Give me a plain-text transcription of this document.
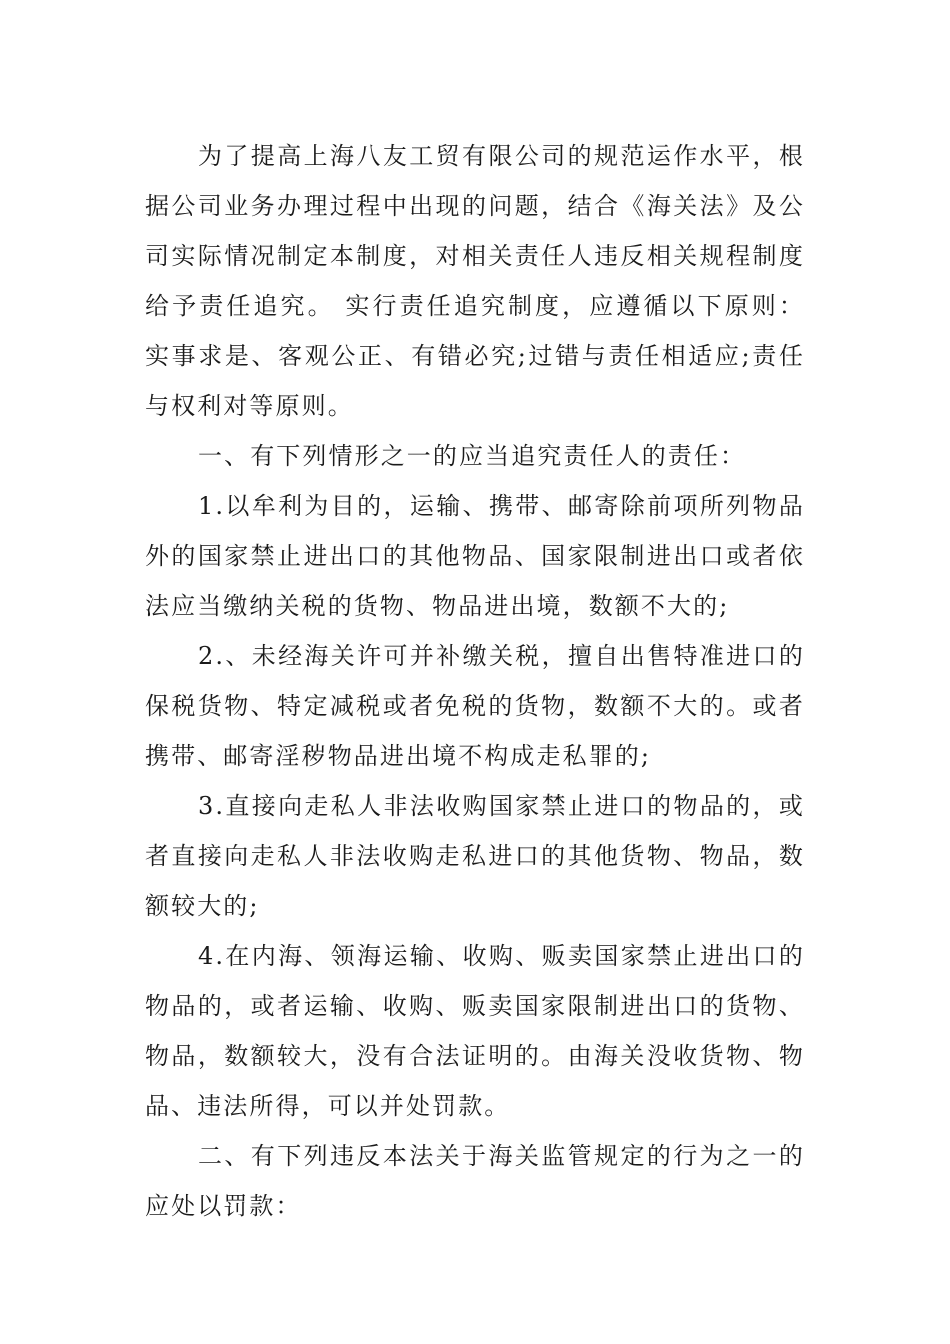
为了提高上海八友工贸有限公司的规范运作水平，根据公司业务办理过程中出现的问题，结合《海关法》及公司实际情况制定本制度，对相关责任人违反相关规程制度给予责任追究。 实行责任追究制度，应遵循以下原则：实事求是、客观公正、有错必究;过错与责任相适应;责任与权利对等原则。

一、有下列情形之一的应当追究责任人的责任：

1.以牟利为目的，运输、携带、邮寄除前项所列物品外的国家禁止进出口的其他物品、国家限制进出口或者依法应当缴纳关税的货物、物品进出境，数额不大的;

2.、未经海关许可并补缴关税，擅自出售特准进口的保税货物、特定减税或者免税的货物，数额不大的。或者携带、邮寄淫秽物品进出境不构成走私罪的;

3.直接向走私人非法收购国家禁止进口的物品的，或者直接向走私人非法收购走私进口的其他货物、物品，数额较大的;

4.在内海、领海运输、收购、贩卖国家禁止进出口的物品的，或者运输、收购、贩卖国家限制进出口的货物、物品，数额较大，没有合法证明的。由海关没收货物、物品、违法所得，可以并处罚款。

二、有下列违反本法关于海关监管规定的行为之一的应处以罚款：
